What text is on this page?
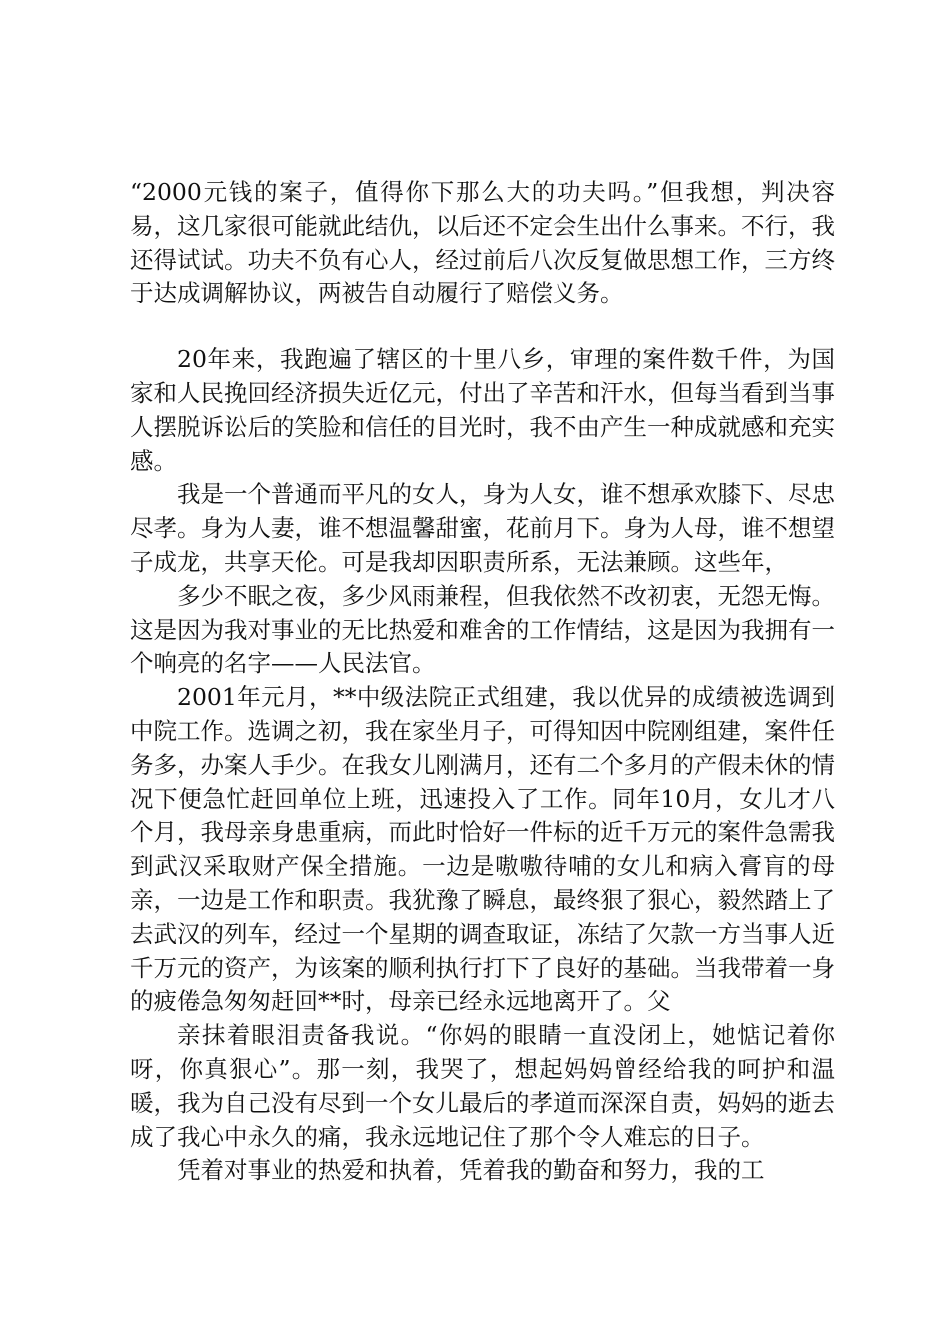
“2000元钱的案子，值得你下那么大的功夫吗。”但我想，判决容易，这几家很可能就此结仇，以后还不定会生出什么事来。不行，我还得试试。功夫不负有心人，经过前后八次反复做思想工作，三方终于达成调解协议，两被告自动履行了赔偿义务。

20年来，我跑遍了辖区的十里八乡，审理的案件数千件，为国家和人民挽回经济损失近亿元，付出了辛苦和汗水，但每当看到当事人摆脱诉讼后的笑脸和信任的目光时，我不由产生一种成就感和充实感。

我是一个普通而平凡的女人，身为人女，谁不想承欢膝下、尽忠尽孝。身为人妻，谁不想温馨甜蜜，花前月下。身为人母，谁不想望子成龙，共享天伦。可是我却因职责所系，无法兼顾。这些年，

多少不眠之夜，多少风雨兼程，但我依然不改初衷，无怨无悔。这是因为我对事业的无比热爱和难舍的工作情结，这是因为我拥有一个响亮的名字——人民法官。

2001年元月，**中级法院正式组建，我以优异的成绩被选调到中院工作。选调之初，我在家坐月子，可得知因中院刚组建，案件任务多，办案人手少。在我女儿刚满月，还有二个多月的产假未休的情况下便急忙赶回单位上班，迅速投入了工作。同年10月，女儿才八个月，我母亲身患重病，而此时恰好一件标的近千万元的案件急需我到武汉采取财产保全措施。一边是嗷嗷待哺的女儿和病入膏肓的母亲，一边是工作和职责。我犹豫了瞬息，最终狠了狠心，毅然踏上了去武汉的列车，经过一个星期的调查取证，冻结了欠款一方当事人近千万元的资产，为该案的顺利执行打下了良好的基础。当我带着一身的疲倦急匆匆赶回**时，母亲已经永远地离开了。父

亲抹着眼泪责备我说。“你妈的眼睛一直没闭上，她惦记着你呀，你真狠心”。那一刻，我哭了，想起妈妈曾经给我的呵护和温暖，我为自己没有尽到一个女儿最后的孝道而深深自责，妈妈的逝去成了我心中永久的痛，我永远地记住了那个令人难忘的日子。

凭着对事业的热爱和执着，凭着我的勤奋和努力，我的工
